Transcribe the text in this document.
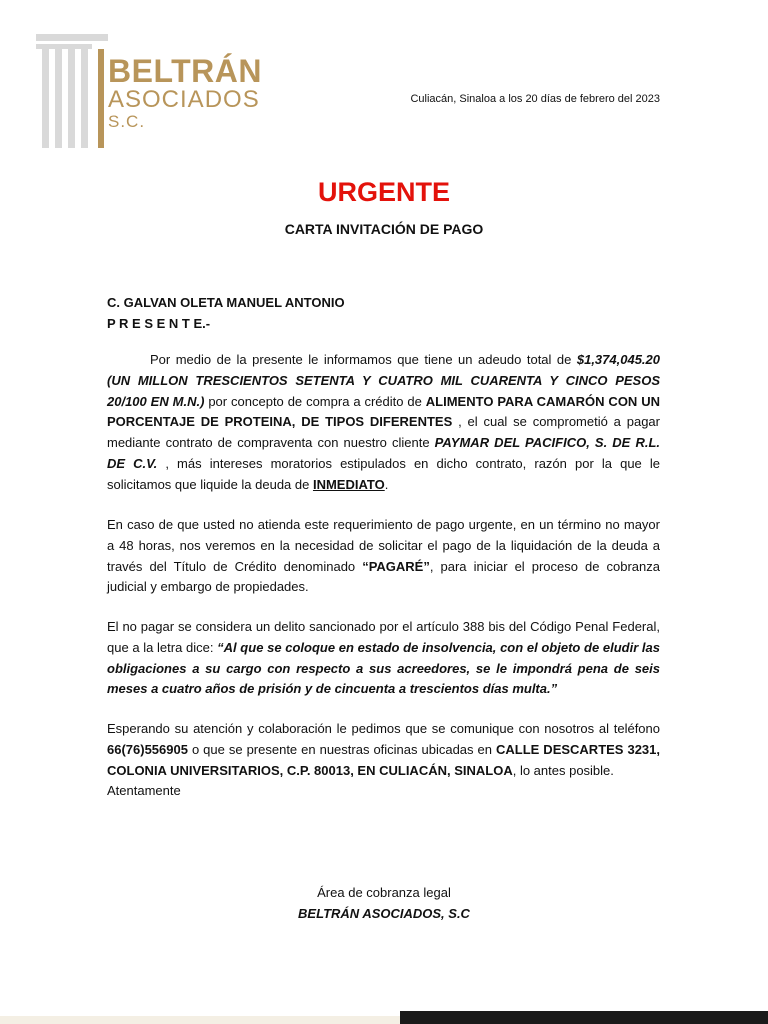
BELTRÁN

ASOCIADOS

S.C.

Culiacán, Sinaloa a los 20 días de febrero del 2023
URGENTE
CARTA INVITACIÓN DE PAGO

C. GALVAN OLETA MANUEL ANTONIO

P R E S E N T E.-

Por medio de la presente le informamos que tiene un adeudo total de $1,374,045.20 (UN MILLON TRESCIENTOS SETENTA Y CUATRO MIL CUARENTA Y CINCO PESOS 20/100 EN M.N.) por concepto de compra a crédito de ALIMENTO PARA CAMARÓN CON UN PORCENTAJE DE PROTEINA, DE TIPOS DIFERENTES , el cual se comprometió a pagar mediante contrato de compraventa con nuestro cliente PAYMAR DEL PACIFICO, S. DE R.L. DE C.V. , más intereses moratorios estipulados en dicho contrato, razón por la que le solicitamos que liquide la deuda de INMEDIATO.
En caso de que usted no atienda este requerimiento de pago urgente, en un término no mayor a 48 horas, nos veremos en la necesidad de solicitar el pago de la liquidación de la deuda a través del Título de Crédito denominado “PAGARÉ”, para iniciar el proceso de cobranza judicial y embargo de propiedades.
El no pagar se considera un delito sancionado por el artículo 388 bis del Código Penal Federal, que a la letra dice: “Al que se coloque en estado de insolvencia, con el objeto de eludir las obligaciones a su cargo con respecto a sus acreedores, se le impondrá pena de seis meses a cuatro años de prisión y de cincuenta a trescientos días multa.”
Esperando su atención y colaboración le pedimos que se comunique con nosotros al teléfono 66(76)556905 o que se presente en nuestras oficinas ubicadas en CALLE DESCARTES 3231, COLONIA UNIVERSITARIOS, C.P. 80013, EN CULIACÁN, SINALOA, lo antes posible.

Atentamente

Área de cobranza legal

BELTRÁN ASOCIADOS, S.C
